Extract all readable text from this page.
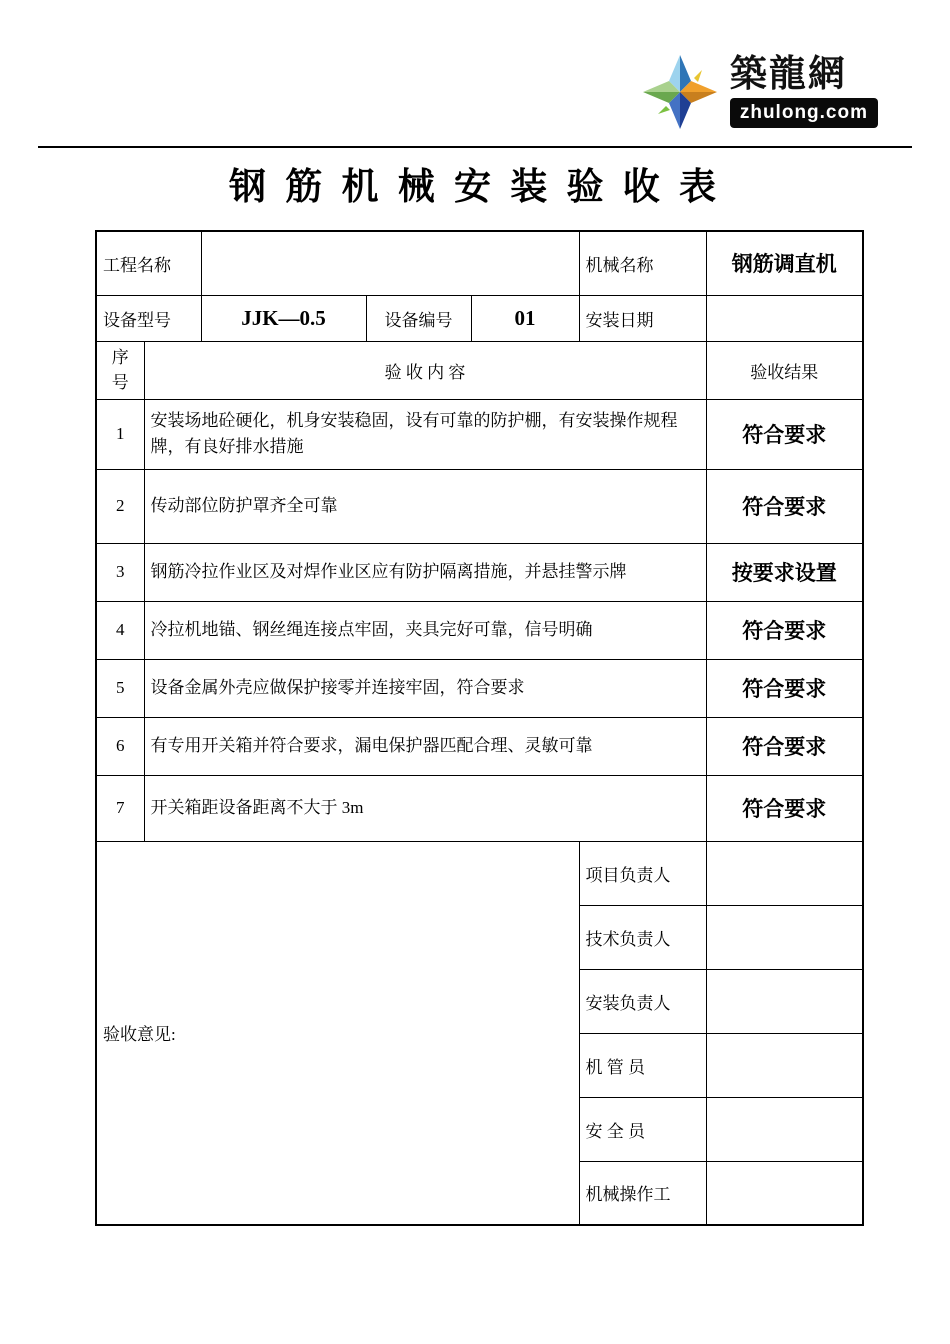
築龍網
zhulong.com
钢 筋 机 械 安 装 验 收 表
工程名称					机械名称	钢筋调直机
设备型号		JJK—0.5	设备编号	01	安装日期	
序号	验 收 内 容					验收结果
1	安装场地砼硬化，机身安装稳固，设有可靠的防护棚，有安装操作规程牌，有良好排水措施					符合要求
2	传动部位防护罩齐全可靠					符合要求
3	钢筋冷拉作业区及对焊作业区应有防护隔离措施，并悬挂警示牌					按要求设置
4	冷拉机地锚、钢丝绳连接点牢固，夹具完好可靠，信号明确					符合要求
5	设备金属外壳应做保护接零并连接牢固，符合要求					符合要求
6	有专用开关箱并符合要求，漏电保护器匹配合理、灵敏可靠					符合要求
7	开关箱距设备距离不大于 3m					符合要求
验收意见:					项目负责人	
					技术负责人	
					安装负责人	
					机 管 员	
					安 全 员	
					机械操作工	
